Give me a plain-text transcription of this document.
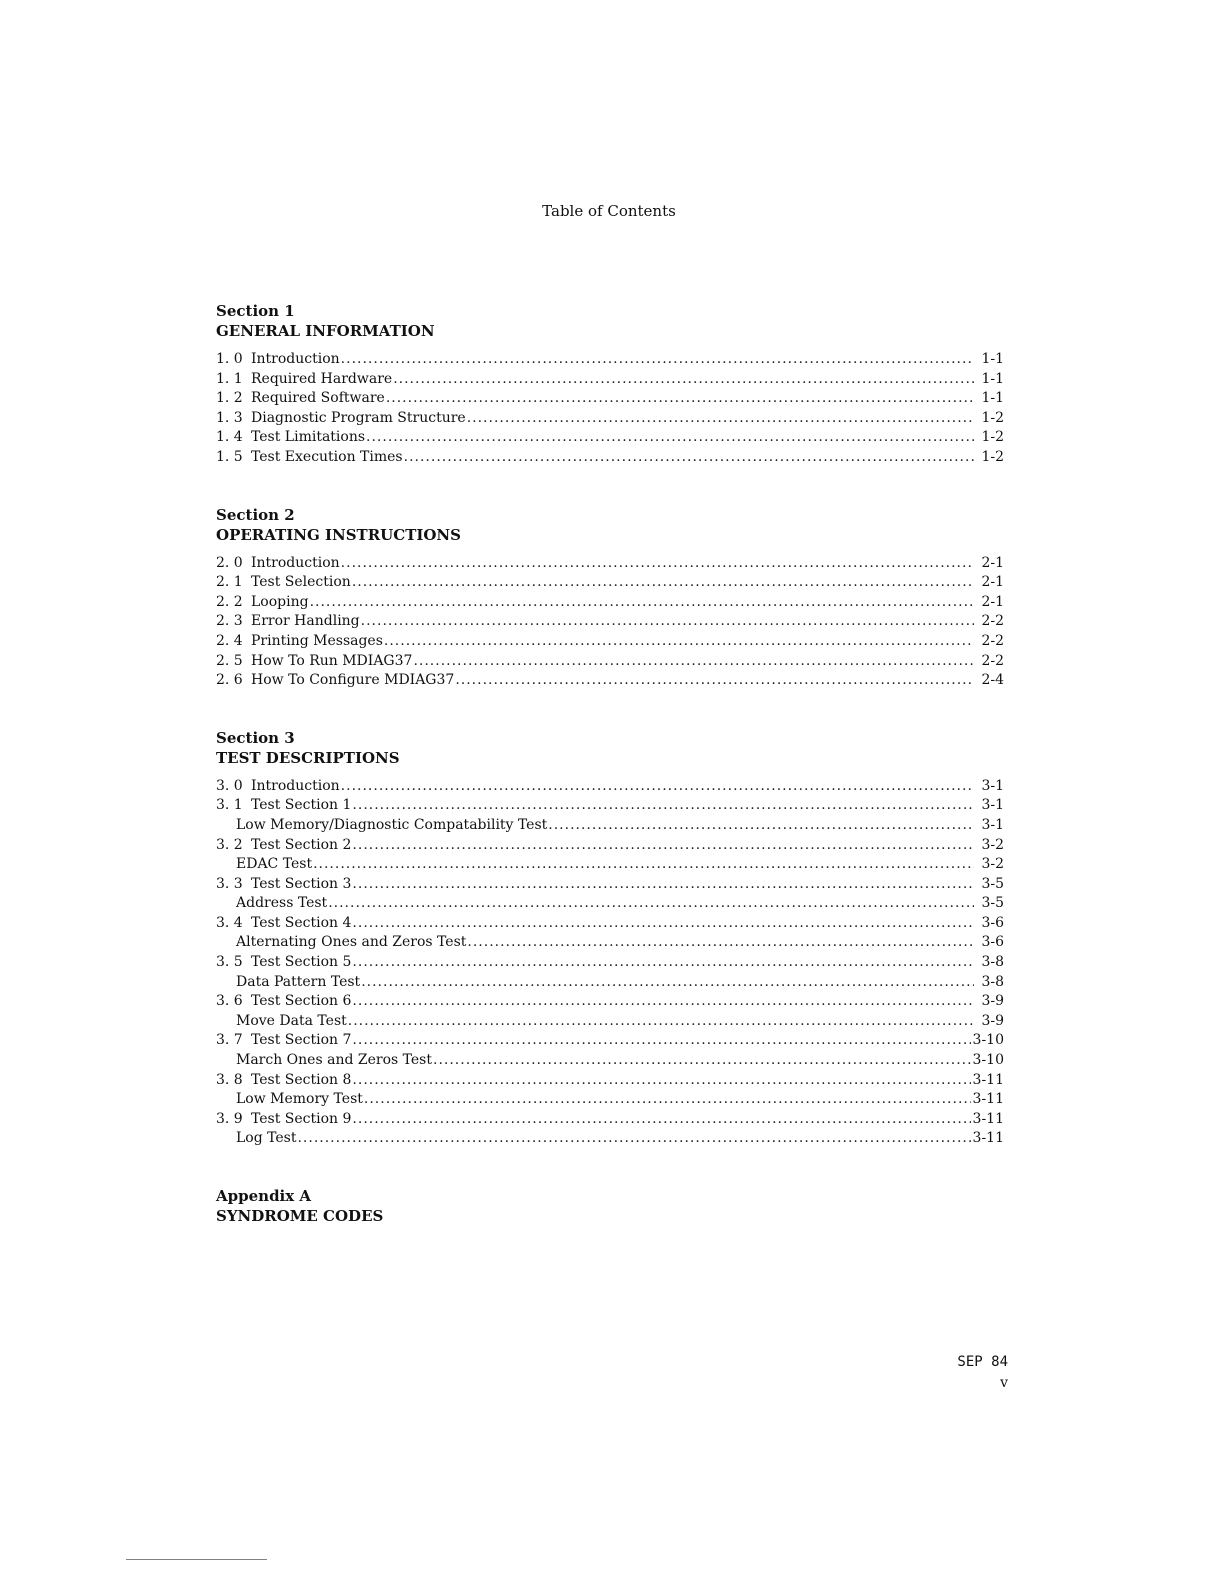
Table of Contents
Section 1
GENERAL INFORMATION
1. 0 Introduction .....	1-1
1. 1 Required Hardware .....	1-1
1. 2 Required Software .....	1-1
1. 3 Diagnostic Program Structure .....	1-2
1. 4 Test Limitations .....	1-2
1. 5 Test Execution Times .....	1-2
Section 2
OPERATING INSTRUCTIONS
2. 0 Introduction .....	2-1
2. 1 Test Selection .....	2-1
2. 2 Looping .....	2-1
2. 3 Error Handling .....	2-2
2. 4 Printing Messages .....	2-2
2. 5 How To Run MDIAG37 .....	2-2
2. 6 How To Configure MDIAG37 .....	2-4
Section 3
TEST DESCRIPTIONS
3. 0 Introduction .....	3-1
3. 1 Test Section 1 .....	3-1
Low Memory/Diagnostic Compatability Test .....	3-1
3. 2 Test Section 2 .....	3-2
EDAC Test .....	3-2
3. 3 Test Section 3 .....	3-5
Address Test .....	3-5
3. 4 Test Section 4 .....	3-6
Alternating Ones and Zeros Test .....	3-6
3. 5 Test Section 5 .....	3-8
Data Pattern Test .....	3-8
3. 6 Test Section 6 .....	3-9
Move Data Test .....	3-9
3. 7 Test Section 7 .....	3-10
March Ones and Zeros Test .....	3-10
3. 8 Test Section 8 .....	3-11
Low Memory Test .....	3-11
3. 9 Test Section 9 .....	3-11
Log Test .....	3-11
Appendix A
SYNDROME CODES
SEP 84
v
